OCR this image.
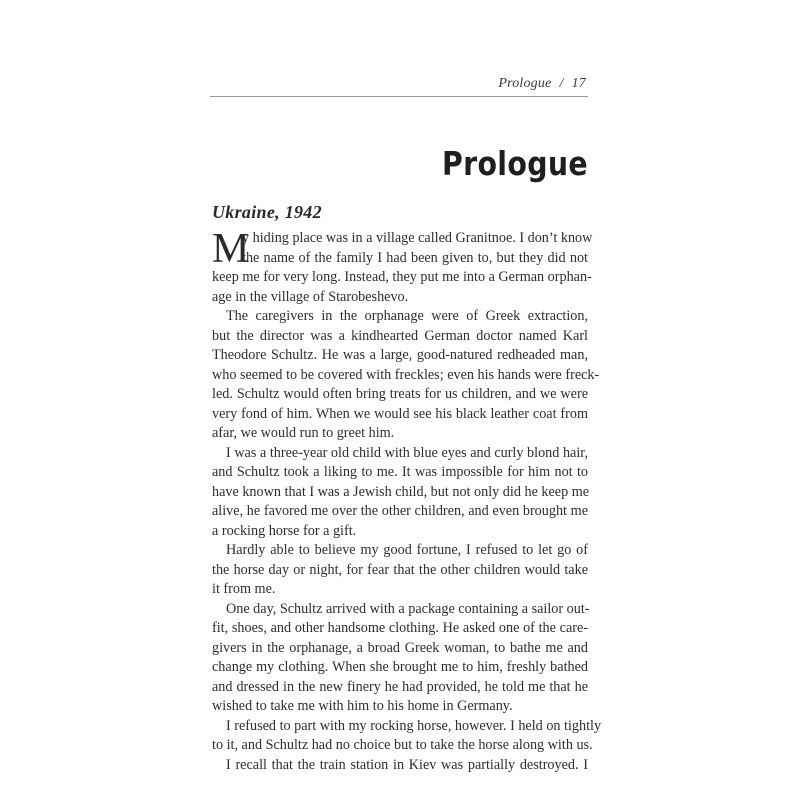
Prologue / 17
Prologue
Ukraine, 1942
M
y hiding place was in a village called Granitnoe. I don’t know
the name of the family I had been given to, but they did not
keep me for very long. Instead, they put me into a German orphan-
age in the village of Starobeshevo.
The caregivers in the orphanage were of Greek extraction,
but the director was a kindhearted German doctor named Karl
Theodore Schultz. He was a large, good-natured redheaded man,
who seemed to be covered with freckles; even his hands were freck-
led. Schultz would often bring treats for us children, and we were
very fond of him. When we would see his black leather coat from
afar, we would run to greet him.
I was a three-year old child with blue eyes and curly blond hair,
and Schultz took a liking to me. It was impossible for him not to
have known that I was a Jewish child, but not only did he keep me
alive, he favored me over the other children, and even brought me
a rocking horse for a gift.
Hardly able to believe my good fortune, I refused to let go of
the horse day or night, for fear that the other children would take
it from me.
One day, Schultz arrived with a package containing a sailor out-
fit, shoes, and other handsome clothing. He asked one of the care-
givers in the orphanage, a broad Greek woman, to bathe me and
change my clothing. When she brought me to him, freshly bathed
and dressed in the new finery he had provided, he told me that he
wished to take me with him to his home in Germany.
I refused to part with my rocking horse, however. I held on tightly
to it, and Schultz had no choice but to take the horse along with us.
I recall that the train station in Kiev was partially destroyed. I
